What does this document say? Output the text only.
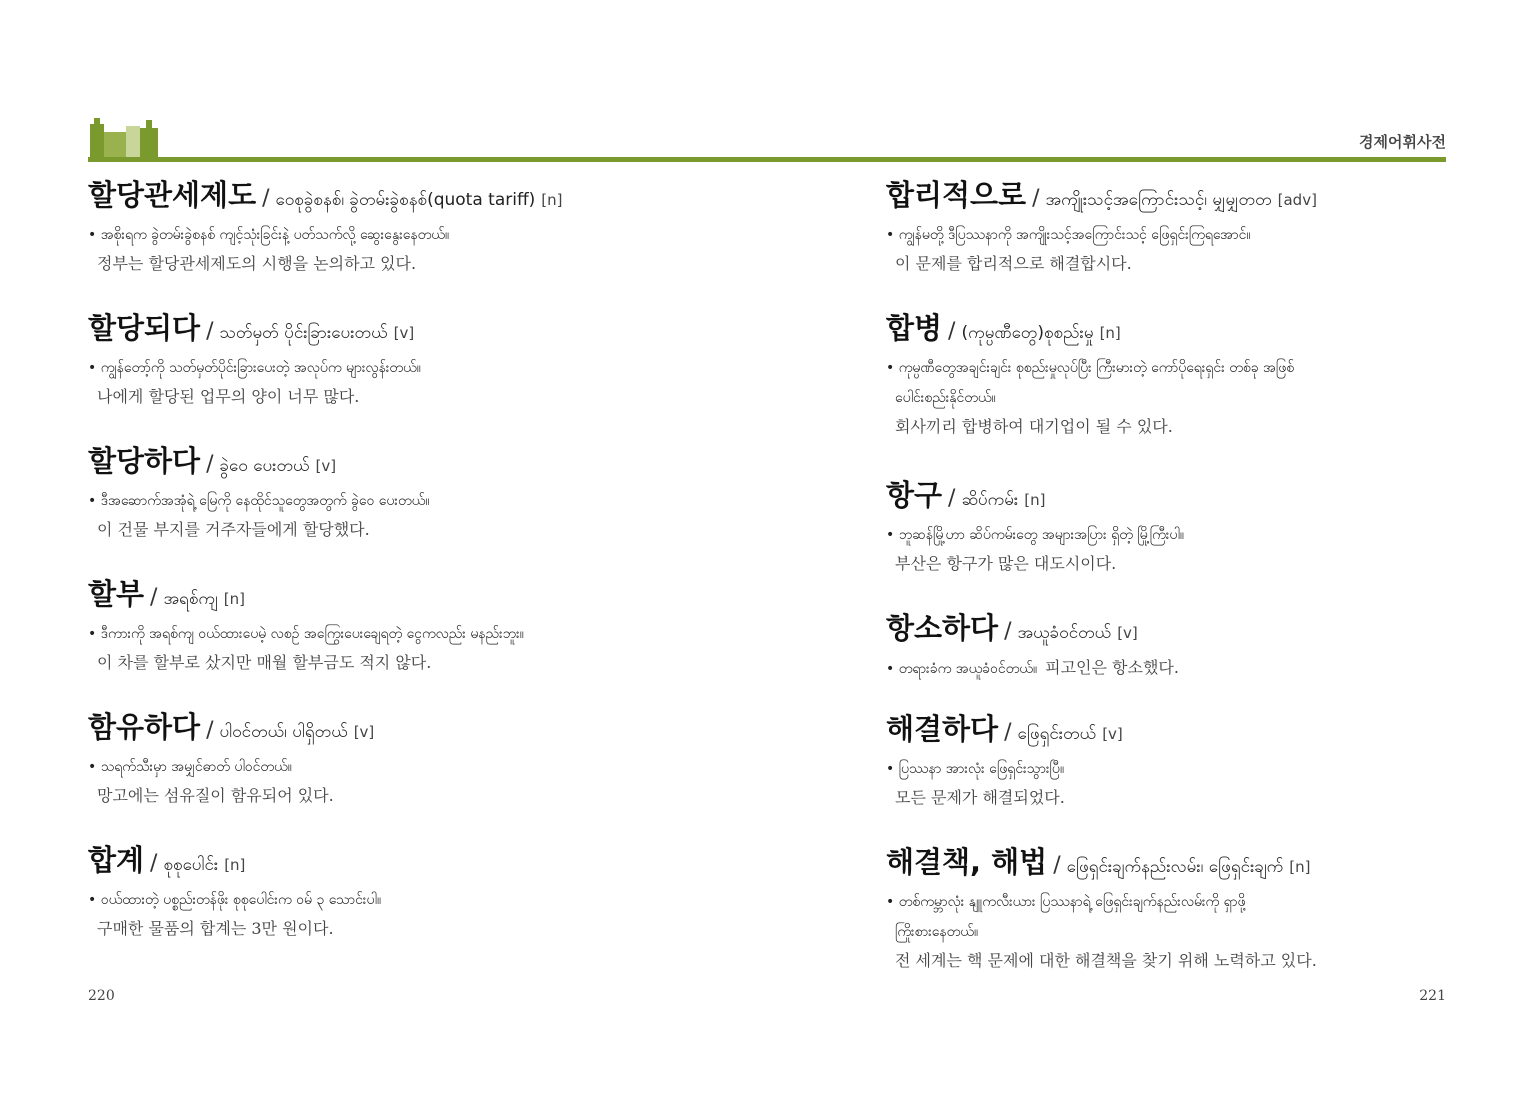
경제어휘사전
할당관세제도 / ဝေစုခွဲစနစ်၊ ခွဲတမ်းခွဲစနစ်(quota tariff) [n]
• အစိုးရက ခွဲတမ်းခွဲစနစ် ကျင့်သုံးခြင်းနဲ့ ပတ်သက်လို့ ဆွေးနွေးနေတယ်။
정부는 할당관세제도의 시행을 논의하고 있다.
할당되다 / သတ်မှတ် ပိုင်းခြားပေးတယ် [v]
• ကျွန်တော့်ကို သတ်မှတ်ပိုင်းခြားပေးတဲ့ အလုပ်က များလွန်းတယ်။
나에게 할당된 업무의 양이 너무 많다.
할당하다 / ခွဲဝေ ပေးတယ် [v]
• ဒီအဆောက်အအုံရဲ့ မြေကို နေထိုင်သူတွေအတွက် ခွဲဝေ ပေးတယ်။
이 건물 부지를 거주자들에게 할당했다.
할부 / အရစ်ကျ [n]
• ဒီကားကို အရစ်ကျ ဝယ်ထားပေမဲ့ လစဉ် အကြွေးပေးချေရတဲ့ ငွေကလည်း မနည်းဘူး။
이 차를 할부로 샀지만 매월 할부금도 적지 않다.
함유하다 / ပါဝင်တယ်၊ ပါရှိတယ် [v]
• သရက်သီးမှာ အမျှင်ဓာတ် ပါဝင်တယ်။
망고에는 섬유질이 함유되어 있다.
합계 / စုစုပေါင်း [n]
• ဝယ်ထားတဲ့ ပစ္စည်းတန်ဖိုး စုစုပေါင်းက ဝမ် ၃ သောင်းပါ။
구매한 물품의 합계는 3만 원이다.
합리적으로 / အကျိုးသင့်အကြောင်းသင့်၊ မျှမျှတတ [adv]
• ကျွန်မတို့ ဒီပြဿနာကို အကျိုးသင့်အကြောင်းသင့် ဖြေရှင်းကြရအောင်။
이 문제를 합리적으로 해결합시다.
합병 / (ကုမ္ပဏီတွေ)စုစည်းမှု [n]
• ကုမ္ပဏီတွေအချင်းချင်း စုစည်းမှုလုပ်ပြီး ကြီးမားတဲ့ ကော်ပိုရေးရှင်း တစ်ခု အဖြစ်
ပေါင်းစည်းနိုင်တယ်။
회사끼리 합병하여 대기업이 될 수 있다.
항구 / ဆိပ်ကမ်း [n]
• ဘူဆန်မြို့ဟာ ဆိပ်ကမ်းတွေ အများအပြား ရှိတဲ့ မြို့ကြီးပါ။
부산은 항구가 많은 대도시이다.
항소하다 / အယူခံဝင်တယ် [v]
• တရားခံက အယူခံဝင်တယ်။ 피고인은 항소했다.
해결하다 / ဖြေရှင်းတယ် [v]
• ပြဿနာ အားလုံး ဖြေရှင်းသွားပြီ။
모든 문제가 해결되었다.
해결책, 해법 / ဖြေရှင်းချက်နည်းလမ်း၊ ဖြေရှင်းချက် [n]
• တစ်ကမ္ဘာလုံး နျူကလီးယား ပြဿနာရဲ့ ဖြေရှင်းချက်နည်းလမ်းကို ရှာဖို့
ကြိုးစားနေတယ်။
전 세계는 핵 문제에 대한 해결책을 찾기 위해 노력하고 있다.
220	221
